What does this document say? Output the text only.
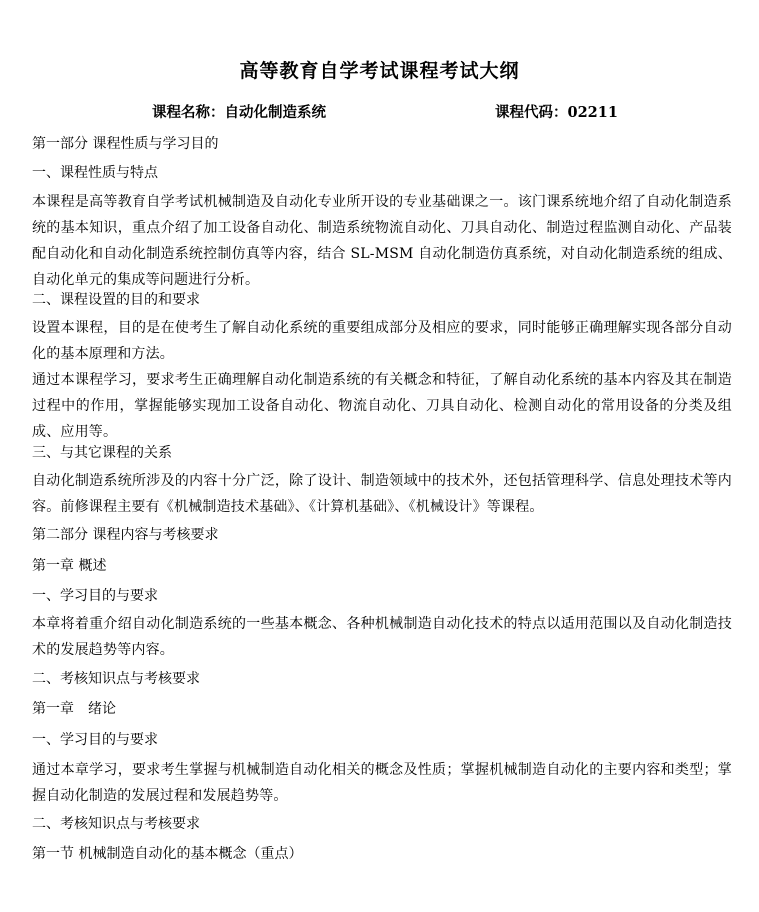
高等教育自学考试课程考试大纲
课程名称：自动化制造系统	课程代码：02211
第一部分 课程性质与学习目的
一、课程性质与特点
本课程是高等教育自学考试机械制造及自动化专业所开设的专业基础课之一。该门课系统地介绍了自动化制造系统的基本知识，重点介绍了加工设备自动化、制造系统物流自动化、刀具自动化、制造过程监测自动化、产品装配自动化和自动化制造系统控制仿真等内容，结合 SL-MSM 自动化制造仿真系统，对自动化制造系统的组成、自动化单元的集成等问题进行分析。
二、课程设置的目的和要求
设置本课程，目的是在使考生了解自动化系统的重要组成部分及相应的要求，同时能够正确理解实现各部分自动化的基本原理和方法。
通过本课程学习，要求考生正确理解自动化制造系统的有关概念和特征，了解自动化系统的基本内容及其在制造过程中的作用，掌握能够实现加工设备自动化、物流自动化、刀具自动化、检测自动化的常用设备的分类及组成、应用等。
三、与其它课程的关系
自动化制造系统所涉及的内容十分广泛，除了设计、制造领域中的技术外，还包括管理科学、信息处理技术等内容。前修课程主要有《机械制造技术基础》、《计算机基础》、《机械设计》等课程。
第二部分 课程内容与考核要求
第一章 概述
一、学习目的与要求
本章将着重介绍自动化制造系统的一些基本概念、各种机械制造自动化技术的特点以适用范围以及自动化制造技术的发展趋势等内容。
二、考核知识点与考核要求
第一章　绪论
一、学习目的与要求
通过本章学习，要求考生掌握与机械制造自动化相关的概念及性质；掌握机械制造自动化的主要内容和类型；掌握自动化制造的发展过程和发展趋势等。
二、考核知识点与考核要求
第一节 机械制造自动化的基本概念（重点）
